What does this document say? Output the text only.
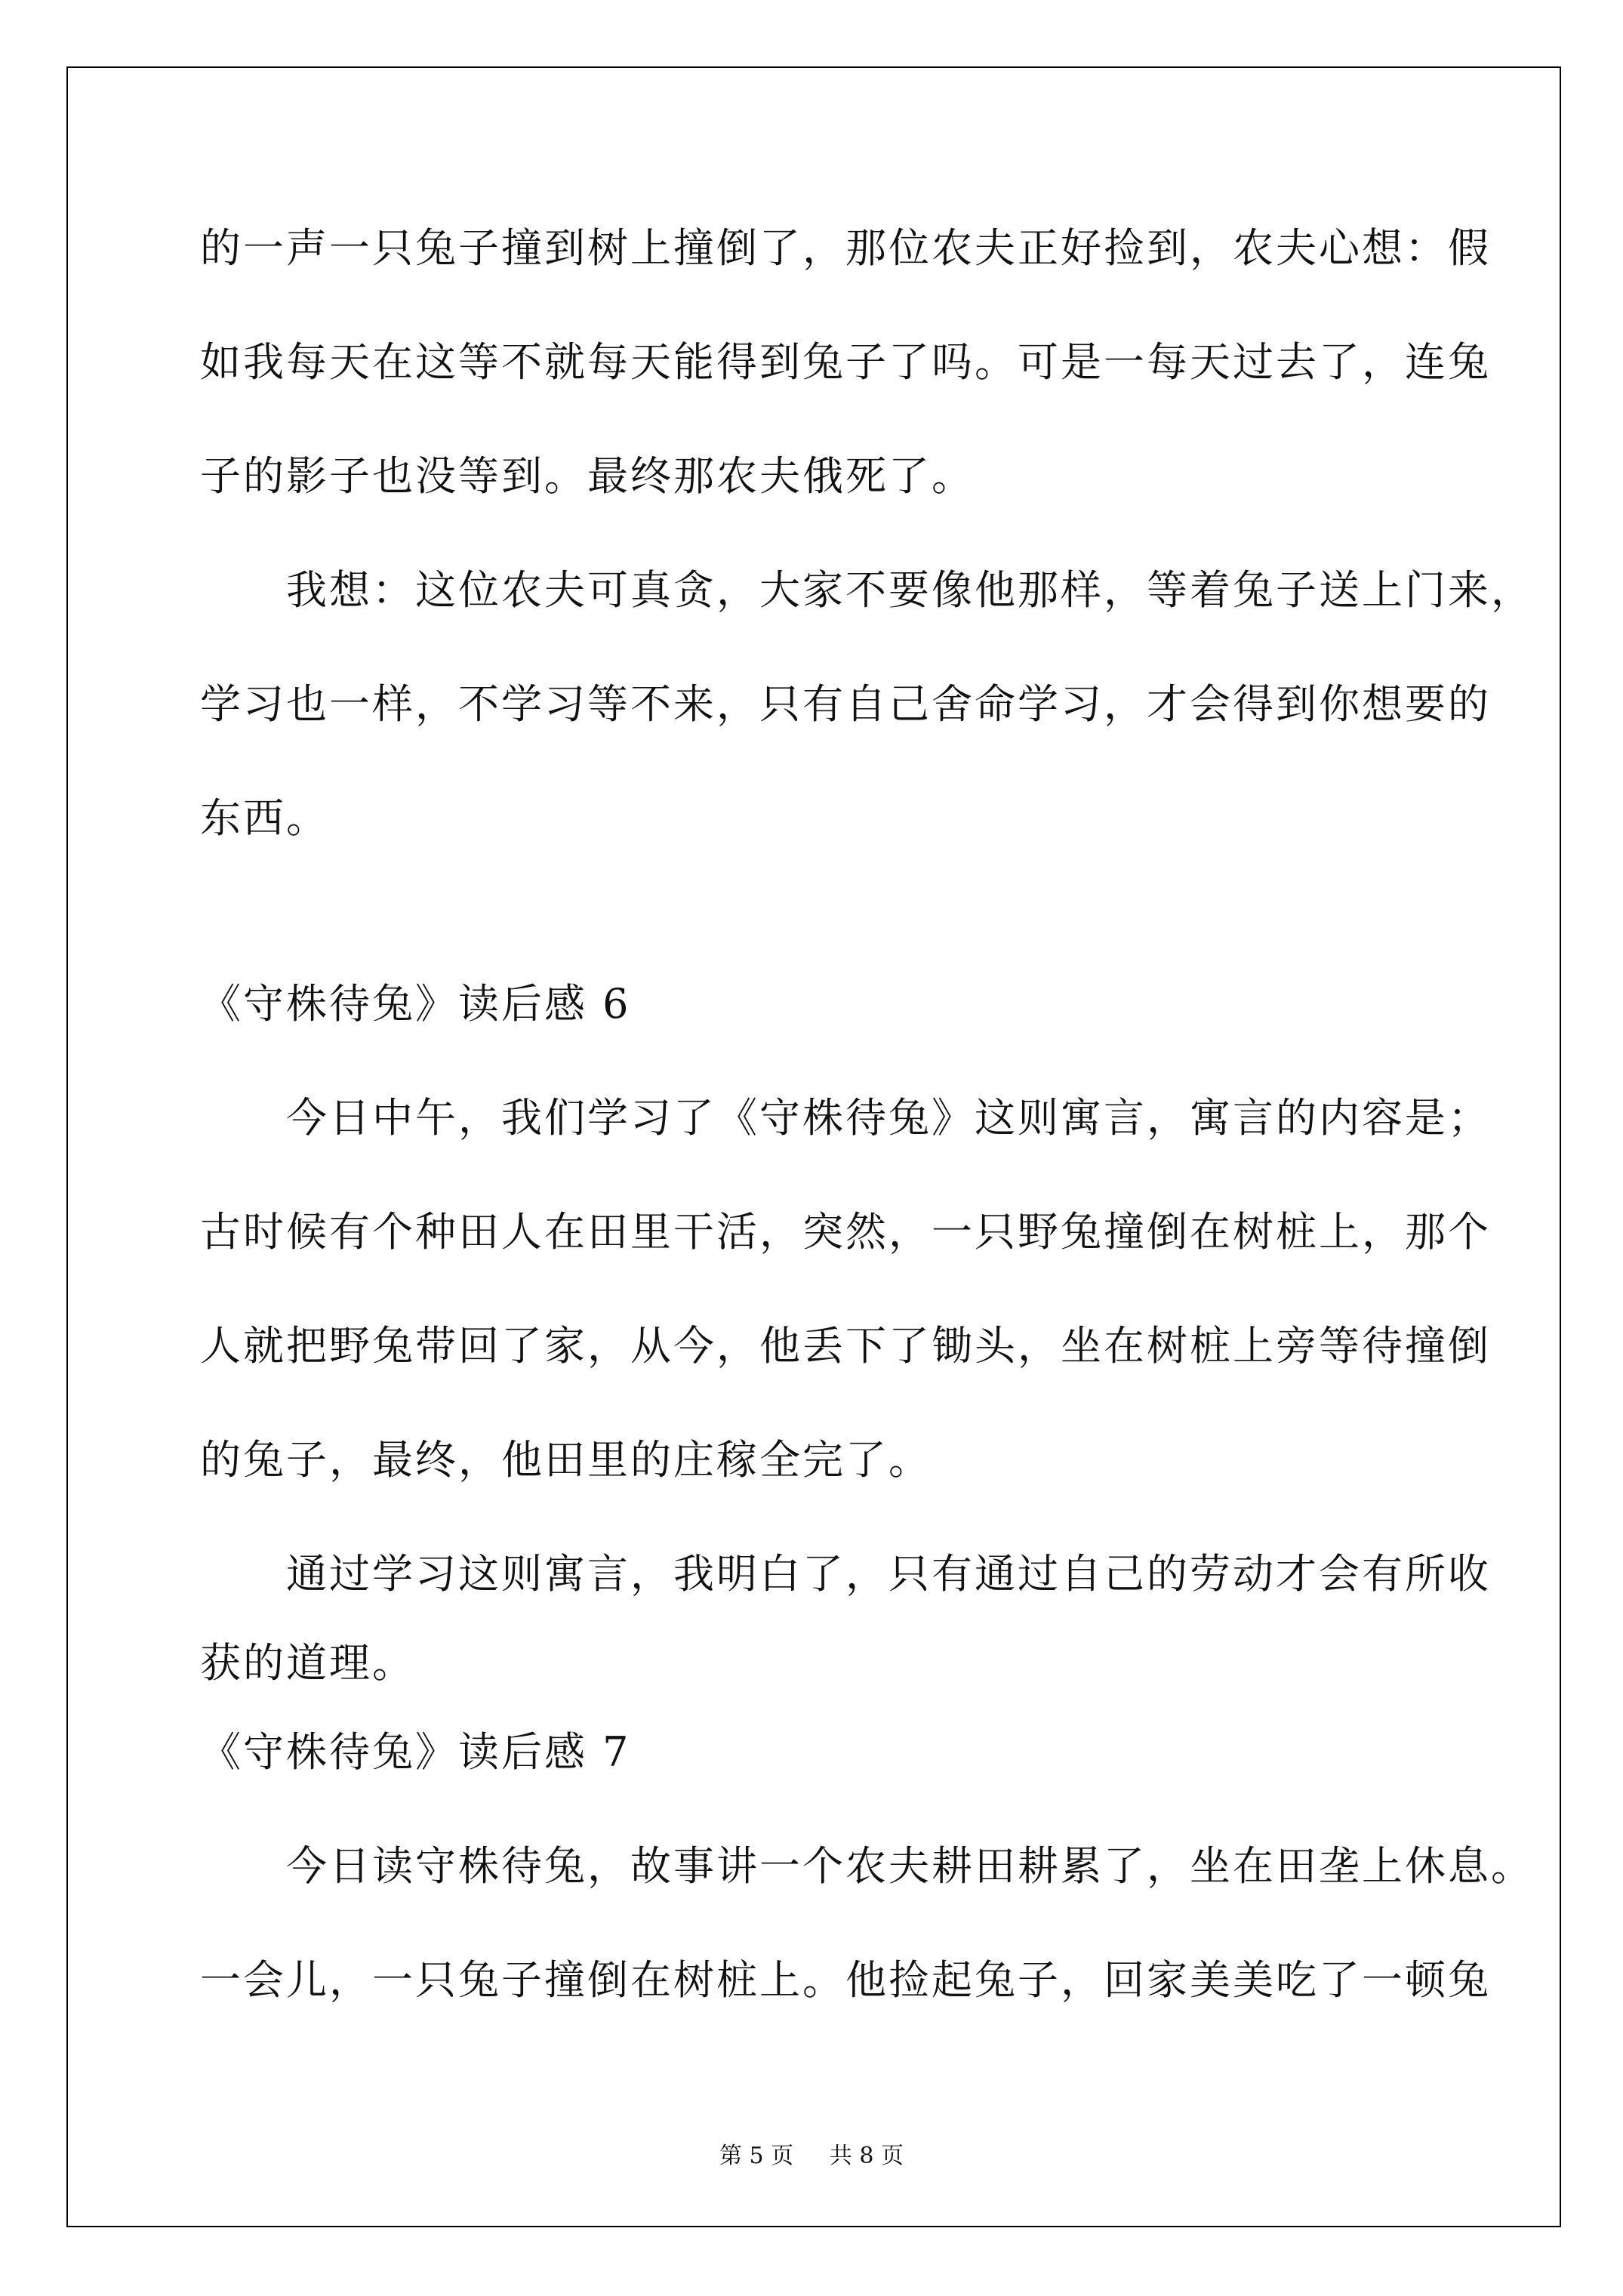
的一声一只兔子撞到树上撞倒了，那位农夫正好捡到，农夫心想：假
如我每天在这等不就每天能得到兔子了吗。可是一每天过去了，连兔
子的影子也没等到。最终那农夫俄死了。
　　我想：这位农夫可真贪，大家不要像他那样，等着兔子送上门来，
学习也一样，不学习等不来，只有自己舍命学习，才会得到你想要的
东西。
《守株待兔》读后感 6
　　今日中午，我们学习了《守株待兔》这则寓言，寓言的内容是；
古时候有个种田人在田里干活，突然，一只野兔撞倒在树桩上，那个
人就把野兔带回了家，从今，他丢下了锄头，坐在树桩上旁等待撞倒
的兔子，最终，他田里的庄稼全完了。
　　通过学习这则寓言，我明白了，只有通过自己的劳动才会有所收
获的道理。
《守株待兔》读后感 7
　　今日读守株待兔，故事讲一个农夫耕田耕累了，坐在田垄上休息。
一会儿，一只兔子撞倒在树桩上。他捡起兔子，回家美美吃了一顿兔
第 5 页 共 8 页
